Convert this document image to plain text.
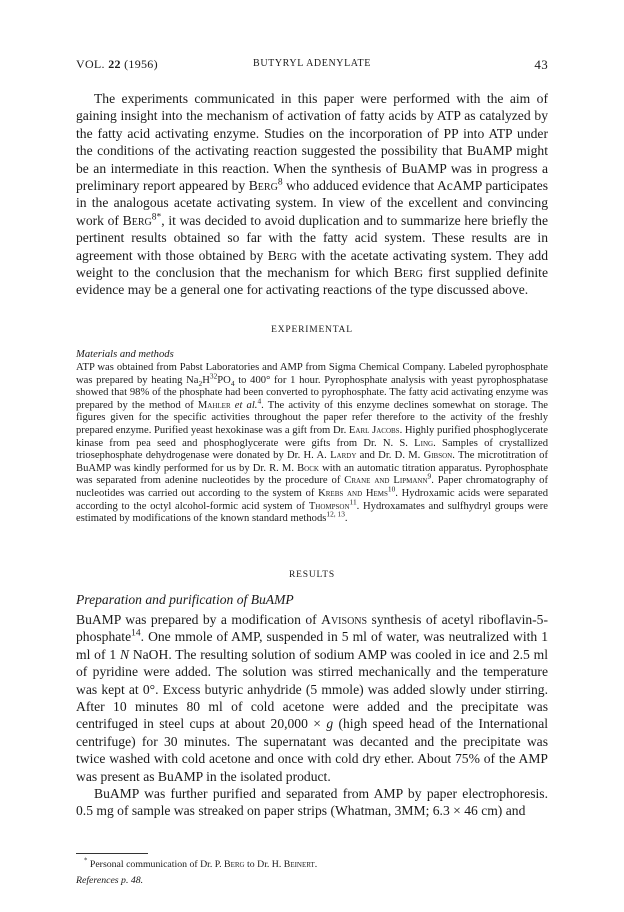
VOL. 22 (1956)	BUTYRYL ADENYLATE	43

The experiments communicated in this paper were performed with the aim of gaining insight into the mechanism of activation of fatty acids by ATP as catalyzed by the fatty acid activating enzyme. Studies on the incorporation of PP into ATP under the conditions of the activating reaction suggested the possibility that BuAMP might be an intermediate in this reaction. When the synthesis of BuAMP was in progress a preliminary report appeared by Berg$^8$ who adduced evidence that AcAMP participates in the analogous acetate activating system. In view of the excellent and convincing work of Berg$^{8*}$, it was decided to avoid duplication and to summarize here briefly the pertinent results obtained so far with the fatty acid system. These results are in agreement with those obtained by Berg with the acetate activating system. They add weight to the conclusion that the mechanism for which Berg first supplied definite evidence may be a general one for activating reactions of the type discussed above.

EXPERIMENTAL
Materials and methods

ATP was obtained from Pabst Laboratories and AMP from Sigma Chemical Company. Labeled pyrophosphate was prepared by heating $Na_2H^{32}PO_4$ to 400° for 1 hour. Pyrophosphate analysis with yeast pyrophosphatase showed that 98% of the phosphate had been converted to pyrophosphate. The fatty acid activating enzyme was prepared by the method of Mahler et al.$^4$. The activity of this enzyme declines somewhat on storage. The figures given for the specific activities throughout the paper refer therefore to the activity of the freshly prepared enzyme. Purified yeast hexokinase was a gift from Dr. Earl Jacobs. Highly purified phosphoglycerate kinase from pea seed and phosphoglycerate were gifts from Dr. N. S. Ling. Samples of crystallized triosephosphate dehydrogenase were donated by Dr. H. A. Lardy and Dr. D. M. Gibson. The microtitration of BuAMP was kindly performed for us by Dr. R. M. Bock with an automatic titration apparatus. Pyrophosphate was separated from adenine nucleotides by the procedure of Crane and Lipmann$^9$. Paper chromatography of nucleotides was carried out according to the system of Krebs and Hems$^{10}$. Hydroxamic acids were separated according to the octyl alcohol-formic acid system of Thompson$^{11}$. Hydroxamates and sulfhydryl groups were estimated by modifications of the known standard methods$^{12, 13}$.

RESULTS
Preparation and purification of BuAMP

BuAMP was prepared by a modification of Avisons synthesis of acetyl riboflavin-5-phosphate$^{14}$. One mmole of AMP, suspended in 5 ml of water, was neutralized with 1 ml of 1 N NaOH. The resulting solution of sodium AMP was cooled in ice and 2.5 ml of pyridine were added. The solution was stirred mechanically and the temperature was kept at 0°. Excess butyric anhydride (5 mmole) was added slowly under stirring. After 10 minutes 80 ml of cold acetone were added and the precipitate was centrifuged in steel cups at about 20,000 × g (high speed head of the International centrifuge) for 30 minutes. The supernatant was decanted and the precipitate was twice washed with cold acetone and once with cold dry ether. About 75% of the AMP was present as BuAMP in the isolated product.

BuAMP was further purified and separated from AMP by paper electrophoresis. 0.5 mg of sample was streaked on paper strips (Whatman, 3MM; 6.3 × 46 cm) and

* Personal communication of Dr. P. Berg to Dr. H. Beinert.
References p. 48.
